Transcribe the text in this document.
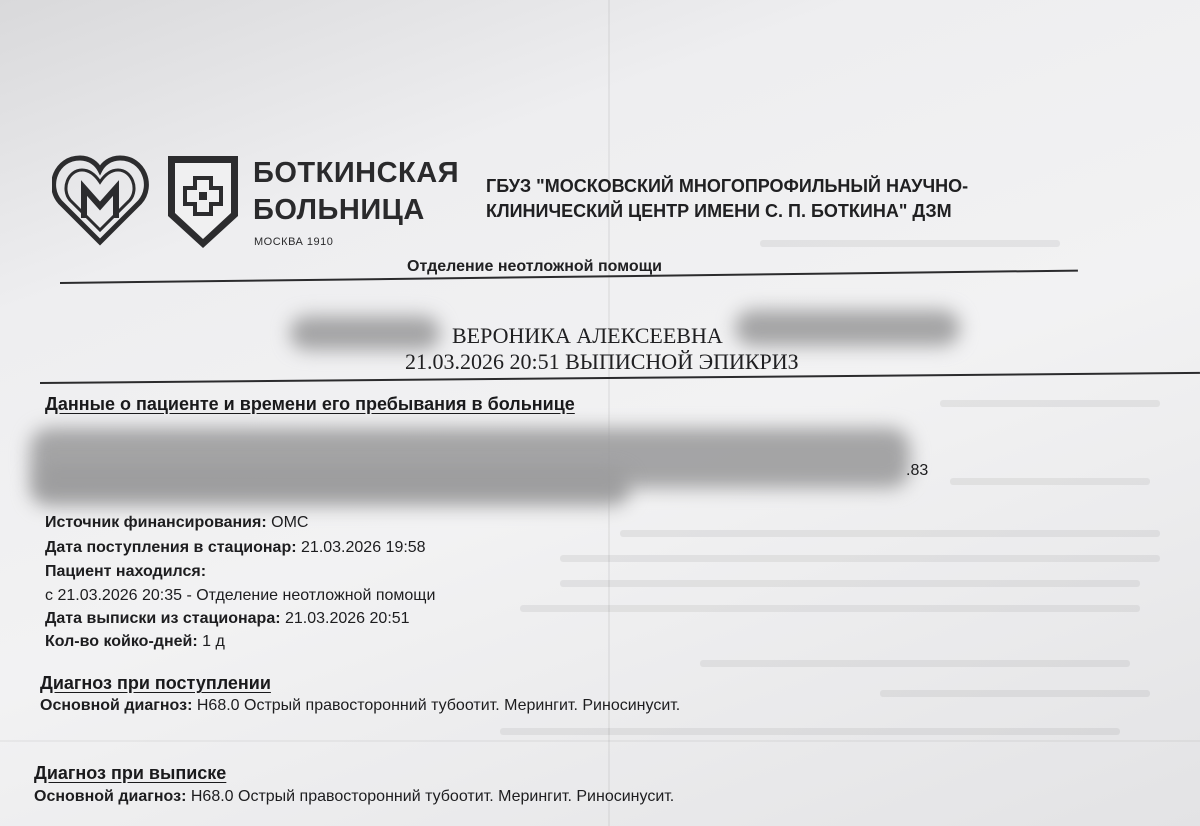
БОТКИНСКАЯ
БОЛЬНИЦА
МОСКВА 1910
ГБУЗ "МОСКОВСКИЙ МНОГОПРОФИЛЬНЫЙ НАУЧНО-
КЛИНИЧЕСКИЙ ЦЕНТР ИМЕНИ С. П. БОТКИНА" ДЗМ
Отделение неотложной помощи
ВЕРОНИКА АЛЕКСЕЕВНА
21.03.2026 20:51 ВЫПИСНОЙ ЭПИКРИЗ
Данные о пациенте и времени его пребывания в больнице
.83
Источник финансирования: ОМС
Дата поступления в стационар: 21.03.2026 19:58
Пациент находился:
с 21.03.2026 20:35 - Отделение неотложной помощи
Дата выписки из стационара: 21.03.2026 20:51
Кол-во койко-дней: 1 д
Диагноз при поступлении
Основной диагноз: H68.0 Острый правосторонний тубоотит. Мерингит. Риносинусит.
Диагноз при выписке
Основной диагноз: H68.0 Острый правосторонний тубоотит. Мерингит. Риносинусит.
